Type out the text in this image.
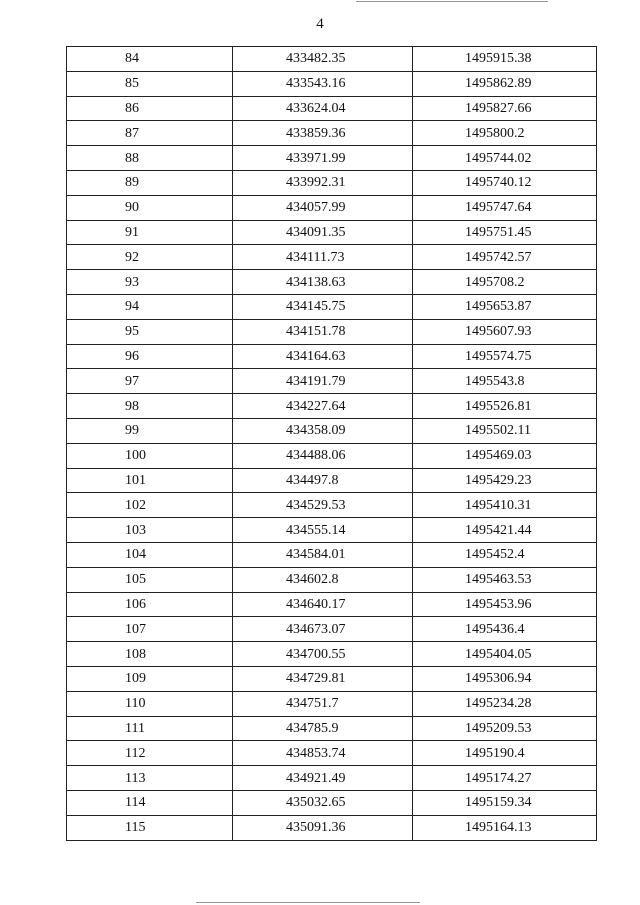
4
84	433482.35	1495915.38
85	433543.16	1495862.89
86	433624.04	1495827.66
87	433859.36	1495800.2
88	433971.99	1495744.02
89	433992.31	1495740.12
90	434057.99	1495747.64
91	434091.35	1495751.45
92	434111.73	1495742.57
93	434138.63	1495708.2
94	434145.75	1495653.87
95	434151.78	1495607.93
96	434164.63	1495574.75
97	434191.79	1495543.8
98	434227.64	1495526.81
99	434358.09	1495502.11
100	434488.06	1495469.03
101	434497.8	1495429.23
102	434529.53	1495410.31
103	434555.14	1495421.44
104	434584.01	1495452.4
105	434602.8	1495463.53
106	434640.17	1495453.96
107	434673.07	1495436.4
108	434700.55	1495404.05
109	434729.81	1495306.94
110	434751.7	1495234.28
111	434785.9	1495209.53
112	434853.74	1495190.4
113	434921.49	1495174.27
114	435032.65	1495159.34
115	435091.36	1495164.13
